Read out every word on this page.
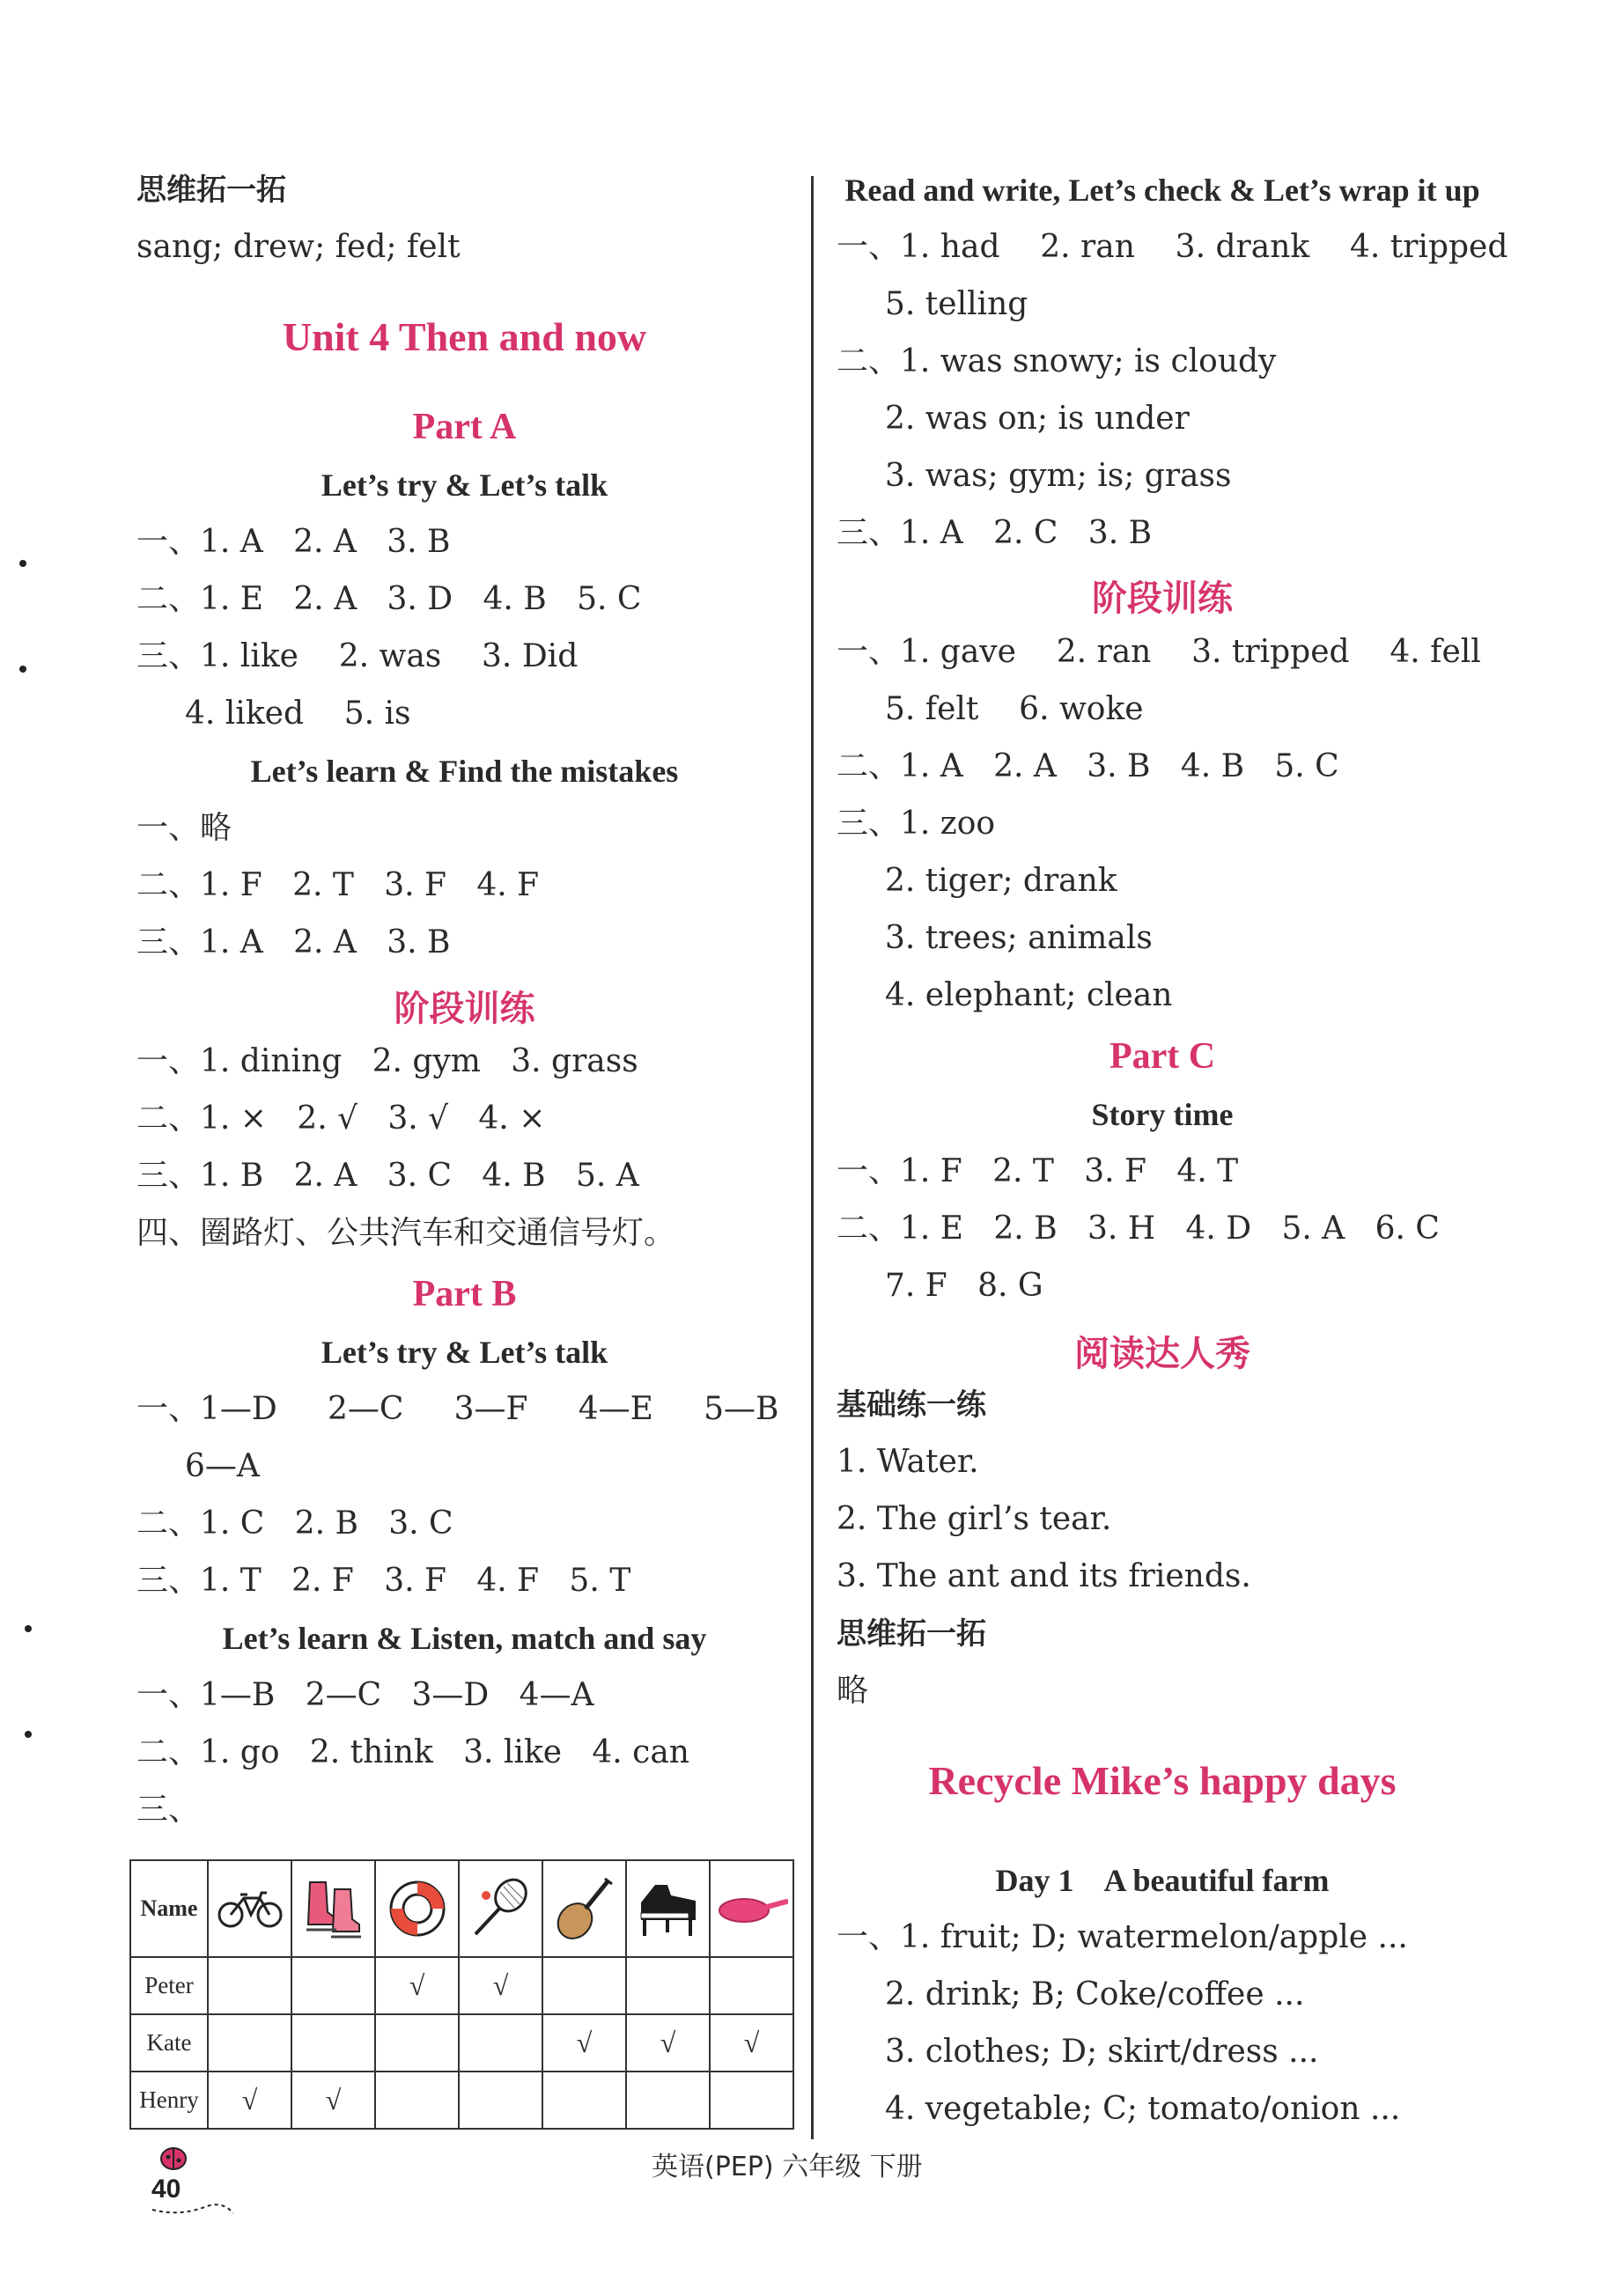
思维拓一拓
sang; drew; fed; felt
Unit 4 Then and now
Part A
Let’s try & Let’s talk
一、1. A   2. A   3. B
二、1. E   2. A   3. D   4. B   5. C
三、1. like    2. was    3. Did
4. liked    5. is
Let’s learn & Find the mistakes
一、略
二、1. F   2. T   3. F   4. F
三、1. A   2. A   3. B
阶段训练
一、1. dining   2. gym   3. grass
二、1. ×   2. √   3. √   4. ×
三、1. B   2. A   3. C   4. B   5. A
四、圈路灯、公共汽车和交通信号灯。
Part B
Let’s try & Let’s talk
一、1—D     2—C     3—F     4—E     5—B
6—A
二、1. C   2. B   3. C
三、1. T   2. F   3. F   4. F   5. T
Let’s learn & Listen, match and say
一、1—B   2—C   3—D   4—A
二、1. go   2. think   3. like   4. can
三、
Read and write, Let’s check & Let’s wrap it up
一、1. had    2. ran    3. drank    4. tripped
5. telling
二、1. was snowy; is cloudy
2. was on; is under
3. was; gym; is; grass
三、1. A   2. C   3. B
阶段训练
一、1. gave    2. ran    3. tripped    4. fell
5. felt    6. woke
二、1. A   2. A   3. B   4. B   5. C
三、1. zoo
2. tiger; drank
3. trees; animals
4. elephant; clean
Part C
Story time
一、1. F   2. T   3. F   4. T
二、1. E   2. B   3. H   4. D   5. A   6. C
7. F   8. G
阅读达人秀
基础练一练
1. Water.
2. The girl’s tear.
3. The ant and its friends.
思维拓一拓
略
Recycle Mike’s happy days
Day 1    A beautiful farm
一、1. fruit; D; watermelon/apple ...
2. drink; B; Coke/coffee ...
3. clothes; D; skirt/dress ...
4. vegetable; C; tomato/onion ...
Name	

Peter			√	√			
Kate					√	√	√
Henry	√	√					
40
英语(PEP) 六年级 下册
